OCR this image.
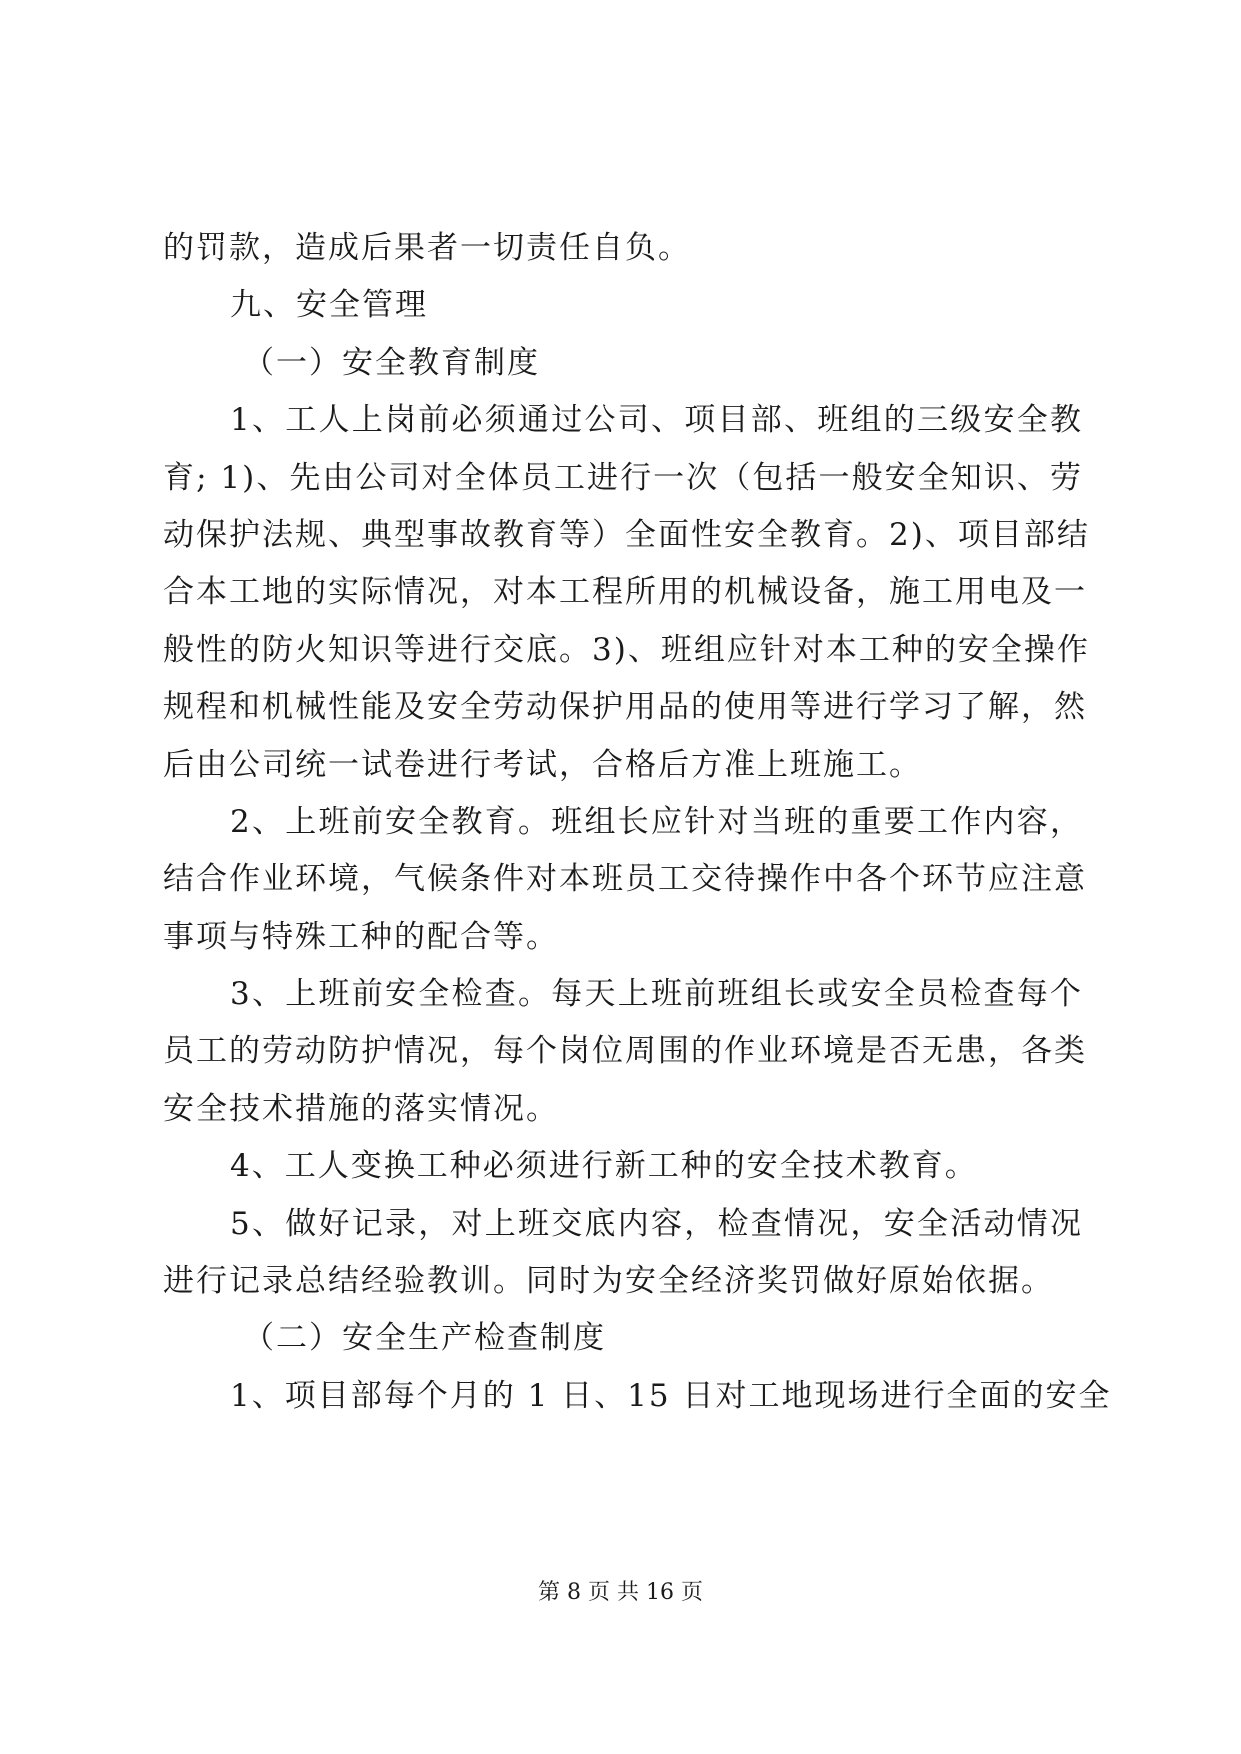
的罚款，造成后果者一切责任自负。
九、安全管理
（一）安全教育制度
1、工人上岗前必须通过公司、项目部、班组的三级安全教
育; 1)、先由公司对全体员工进行一次（包括一般安全知识、劳
动保护法规、典型事故教育等）全面性安全教育。2)、项目部结
合本工地的实际情况，对本工程所用的机械设备，施工用电及一
般性的防火知识等进行交底。3)、班组应针对本工种的安全操作
规程和机械性能及安全劳动保护用品的使用等进行学习了解，然
后由公司统一试卷进行考试，合格后方准上班施工。
2、上班前安全教育。班组长应针对当班的重要工作内容，
结合作业环境，气候条件对本班员工交待操作中各个环节应注意
事项与特殊工种的配合等。
3、上班前安全检查。每天上班前班组长或安全员检查每个
员工的劳动防护情况，每个岗位周围的作业环境是否无患，各类
安全技术措施的落实情况。
4、工人变换工种必须进行新工种的安全技术教育。
5、做好记录，对上班交底内容，检查情况，安全活动情况
进行记录总结经验教训。同时为安全经济奖罚做好原始依据。
（二）安全生产检查制度
1、项目部每个月的 1 日、15 日对工地现场进行全面的安全
第 8 页 共 16 页
